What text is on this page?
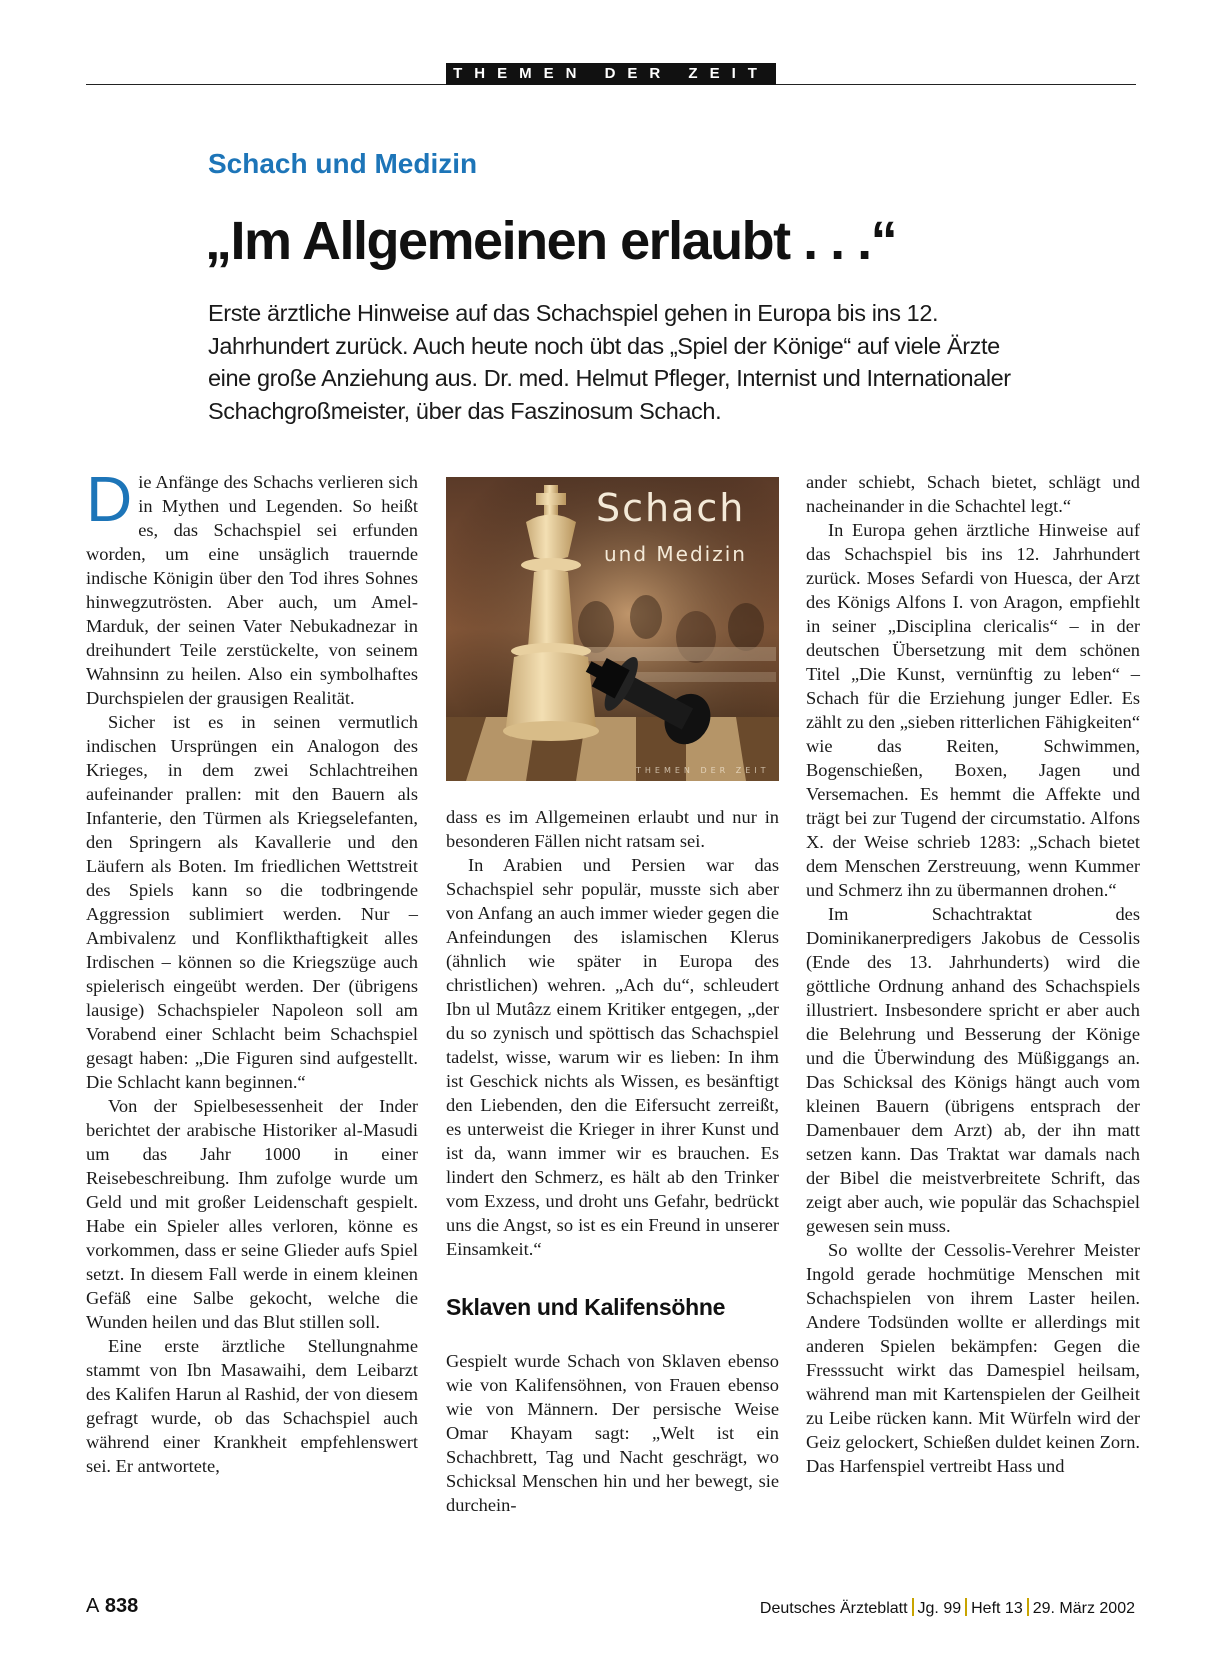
THEMEN DER ZEIT
Schach und Medizin
„Im Allgemeinen erlaubt . . .“
Erste ärztliche Hinweise auf das Schachspiel gehen in Europa bis ins 12. Jahrhundert zurück. Auch heute noch übt das „Spiel der Könige“ auf viele Ärzte eine große Anziehung aus. Dr. med. Helmut Pfleger, Internist und Internationaler Schachgroßmeister, über das Faszinosum Schach.

Die Anfänge des Schachs verlieren sich in Mythen und Legenden. So heißt es, das Schachspiel sei erfunden worden, um eine unsäglich trauernde indische Königin über den Tod ihres Sohnes hinwegzutrösten. Aber auch, um Amel-Marduk, der seinen Vater Nebukadnezar in dreihundert Teile zerstückelte, von seinem Wahnsinn zu heilen. Also ein symbolhaftes Durchspielen der grausigen Realität.

Sicher ist es in seinen vermutlich indischen Ursprüngen ein Analogon des Krieges, in dem zwei Schlachtreihen aufeinander prallen: mit den Bauern als Infanterie, den Türmen als Kriegselefanten, den Springern als Kavallerie und den Läufern als Boten. Im friedlichen Wettstreit des Spiels kann so die todbringende Aggression sublimiert werden. Nur – Ambivalenz und Konflikthaftigkeit alles Irdischen – können so die Kriegszüge auch spielerisch eingeübt werden. Der (übrigens lausige) Schachspieler Napoleon soll am Vorabend einer Schlacht beim Schachspiel gesagt haben: „Die Figuren sind aufgestellt. Die Schlacht kann beginnen.“

Von der Spielbesessenheit der Inder berichtet der arabische Historiker al-Masudi um das Jahr 1000 in einer Reisebeschreibung. Ihm zufolge wurde um Geld und mit großer Leidenschaft gespielt. Habe ein Spieler alles verloren, könne es vorkommen, dass er seine Glieder aufs Spiel setzt. In diesem Fall werde in einem kleinen Gefäß eine Salbe gekocht, welche die Wunden heilen und das Blut stillen soll.

Eine erste ärztliche Stellungnahme stammt von Ibn Masawaihi, dem Leibarzt des Kalifen Harun al Rashid, der von diesem gefragt wurde, ob das Schachspiel auch während einer Krankheit empfehlenswert sei. Er antwortete,

Schach
und Medizin
THEMEN DER ZEIT

dass es im Allgemeinen erlaubt und nur in besonderen Fällen nicht ratsam sei.

In Arabien und Persien war das Schachspiel sehr populär, musste sich aber von Anfang an auch immer wieder gegen die Anfeindungen des islamischen Klerus (ähnlich wie später in Europa des christlichen) wehren. „Ach du“, schleudert Ibn ul Mutâzz einem Kritiker entgegen, „der du so zynisch und spöttisch das Schachspiel tadelst, wisse, warum wir es lieben: In ihm ist Geschick nichts als Wissen, es besänftigt den Liebenden, den die Eifersucht zerreißt, es unterweist die Krieger in ihrer Kunst und ist da, wann immer wir es brauchen. Es lindert den Schmerz, es hält ab den Trinker vom Exzess, und droht uns Gefahr, bedrückt uns die Angst, so ist es ein Freund in unserer Einsamkeit.“

Sklaven und Kalifensöhne

Gespielt wurde Schach von Sklaven ebenso wie von Kalifensöhnen, von Frauen ebenso wie von Männern. Der persische Weise Omar Khayam sagt: „Welt ist ein Schachbrett, Tag und Nacht geschrägt, wo Schicksal Menschen hin und her bewegt, sie durchein-

ander schiebt, Schach bietet, schlägt und nacheinander in die Schachtel legt.“

In Europa gehen ärztliche Hinweise auf das Schachspiel bis ins 12. Jahrhundert zurück. Moses Sefardi von Huesca, der Arzt des Königs Alfons I. von Aragon, empfiehlt in seiner „Disciplina clericalis“ – in der deutschen Übersetzung mit dem schönen Titel „Die Kunst, vernünftig zu leben“ – Schach für die Erziehung junger Edler. Es zählt zu den „sieben ritterlichen Fähigkeiten“ wie das Reiten, Schwimmen, Bogenschießen, Boxen, Jagen und Versemachen. Es hemmt die Affekte und trägt bei zur Tugend der circumstatio. Alfons X. der Weise schrieb 1283: „Schach bietet dem Menschen Zerstreuung, wenn Kummer und Schmerz ihn zu übermannen drohen.“

Im Schachtraktat des Dominikanerpredigers Jakobus de Cessolis (Ende des 13. Jahrhunderts) wird die göttliche Ordnung anhand des Schachspiels illustriert. Insbesondere spricht er aber auch die Belehrung und Besserung der Könige und die Überwindung des Müßiggangs an. Das Schicksal des Königs hängt auch vom kleinen Bauern (übrigens entsprach der Damenbauer dem Arzt) ab, der ihn matt setzen kann. Das Traktat war damals nach der Bibel die meistverbreitete Schrift, das zeigt aber auch, wie populär das Schachspiel gewesen sein muss.

So wollte der Cessolis-Verehrer Meister Ingold gerade hochmütige Menschen mit Schachspielen von ihrem Laster heilen. Andere Todsünden wollte er allerdings mit anderen Spielen bekämpfen: Gegen die Fresssucht wirkt das Damespiel heilsam, während man mit Kartenspielen der Geilheit zu Leibe rücken kann. Mit Würfeln wird der Geiz gelockert, Schießen duldet keinen Zorn. Das Harfenspiel vertreibt Hass und

A 838	Deutsches Ärzteblatt Jg. 99 Heft 13 29. März 2002
